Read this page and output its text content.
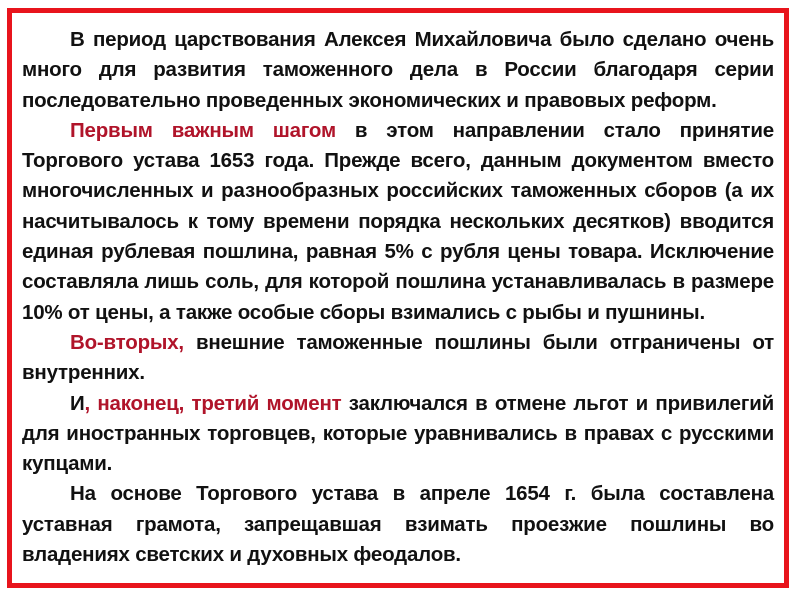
В период царствования Алексея Михайловича было сделано очень много для развития таможенного дела в России благодаря серии последовательно проведенных экономических и правовых реформ.

Первым важным шагом в этом направлении стало принятие Торгового устава 1653 года. Прежде всего, данным документом вместо многочисленных и разнообразных российских таможенных сборов (а их насчитывалось к тому времени порядка нескольких десятков) вводится единая рублевая пошлина, равная 5% с рубля цены товара. Исключение составляла лишь соль, для которой пошлина устанавливалась в размере 10% от цены, а также особые сборы взимались с рыбы и пушнины.

Во-вторых, внешние таможенные пошлины были отграничены от внутренних.

И, наконец, третий момент заключался в отмене льгот и привилегий для иностранных торговцев, которые уравнивались в правах с русскими купцами.

На основе Торгового устава в апреле 1654 г. была составлена уставная грамота, запрещавшая взимать проезжие пошлины во владениях светских и духовных феодалов.
